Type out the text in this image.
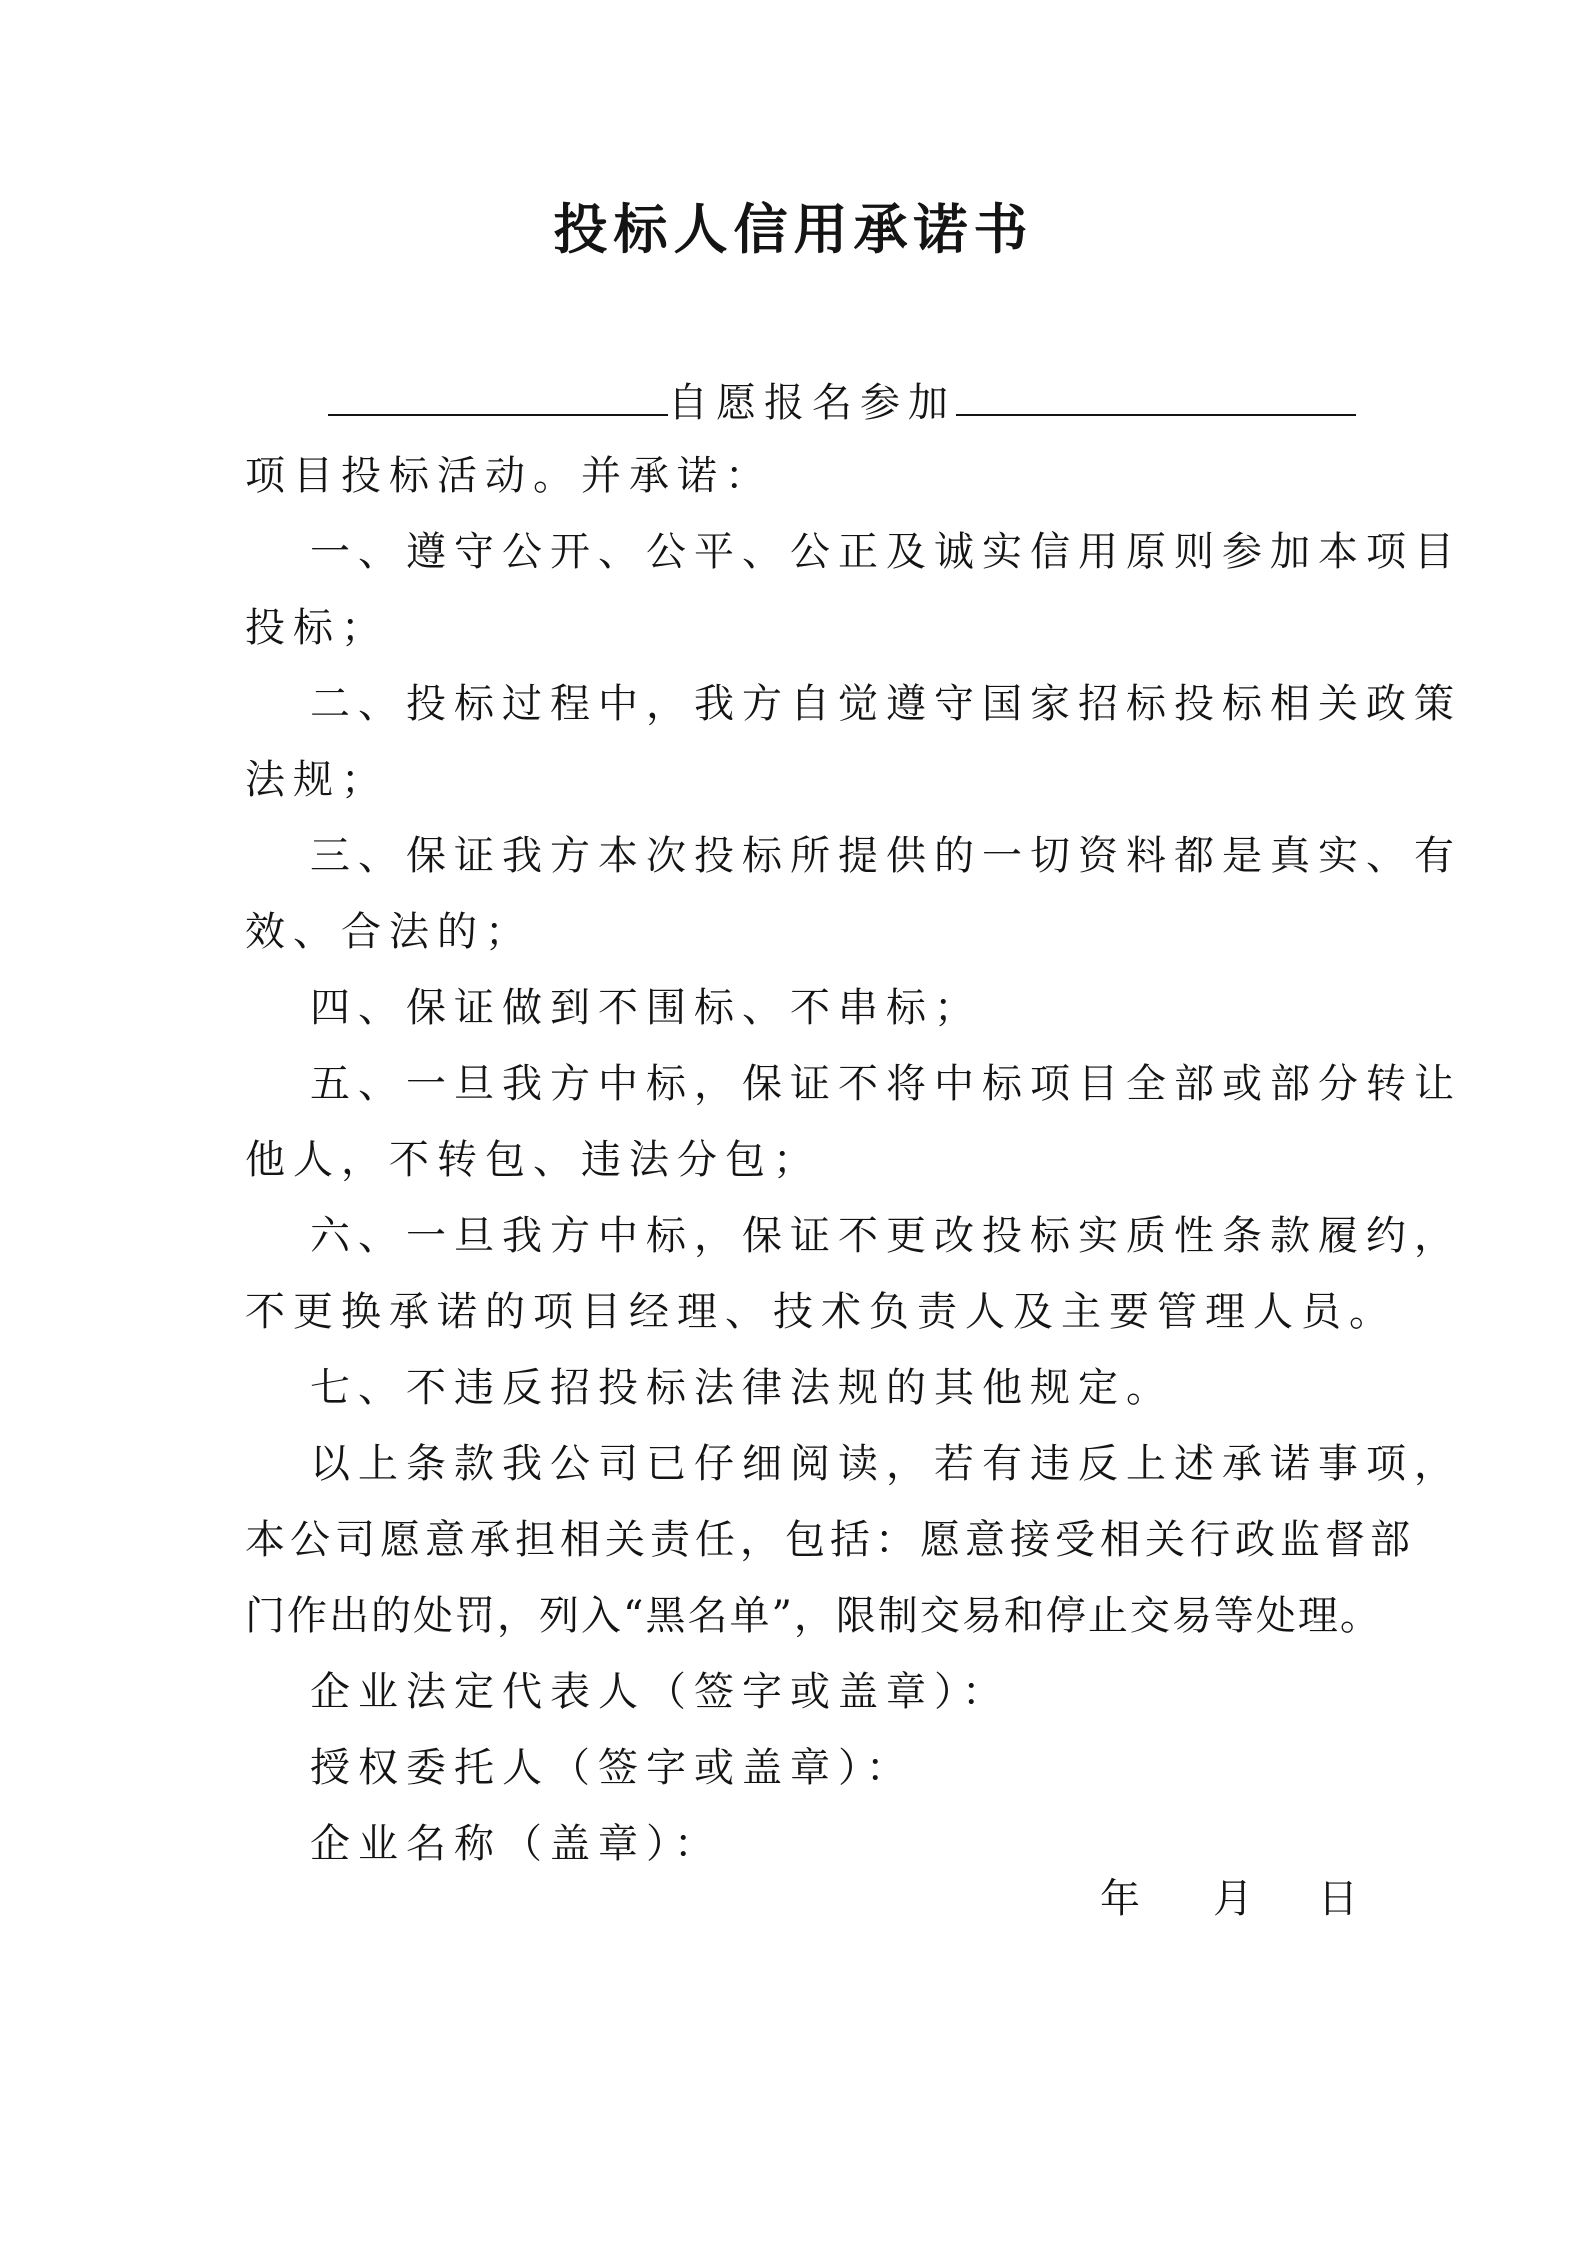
投标人信用承诺书
自愿报名参加
项目投标活动。并承诺：
一、遵守公开、公平、公正及诚实信用原则参加本项目
投标；
二、投标过程中，我方自觉遵守国家招标投标相关政策
法规；
三、保证我方本次投标所提供的一切资料都是真实、有
效、合法的；
四、保证做到不围标、不串标；
五、一旦我方中标，保证不将中标项目全部或部分转让
他人，不转包、违法分包；
六、一旦我方中标，保证不更改投标实质性条款履约，
不更换承诺的项目经理、技术负责人及主要管理人员。
七、不违反招投标法律法规的其他规定。
以上条款我公司已仔细阅读，若有违反上述承诺事项，
本公司愿意承担相关责任，包括：愿意接受相关行政监督部
门作出的处罚，列入“黑名单”，限制交易和停止交易等处理。
企业法定代表人（签字或盖章）：
授权委托人（签字或盖章）：
企业名称（盖章）：
年 月 日
